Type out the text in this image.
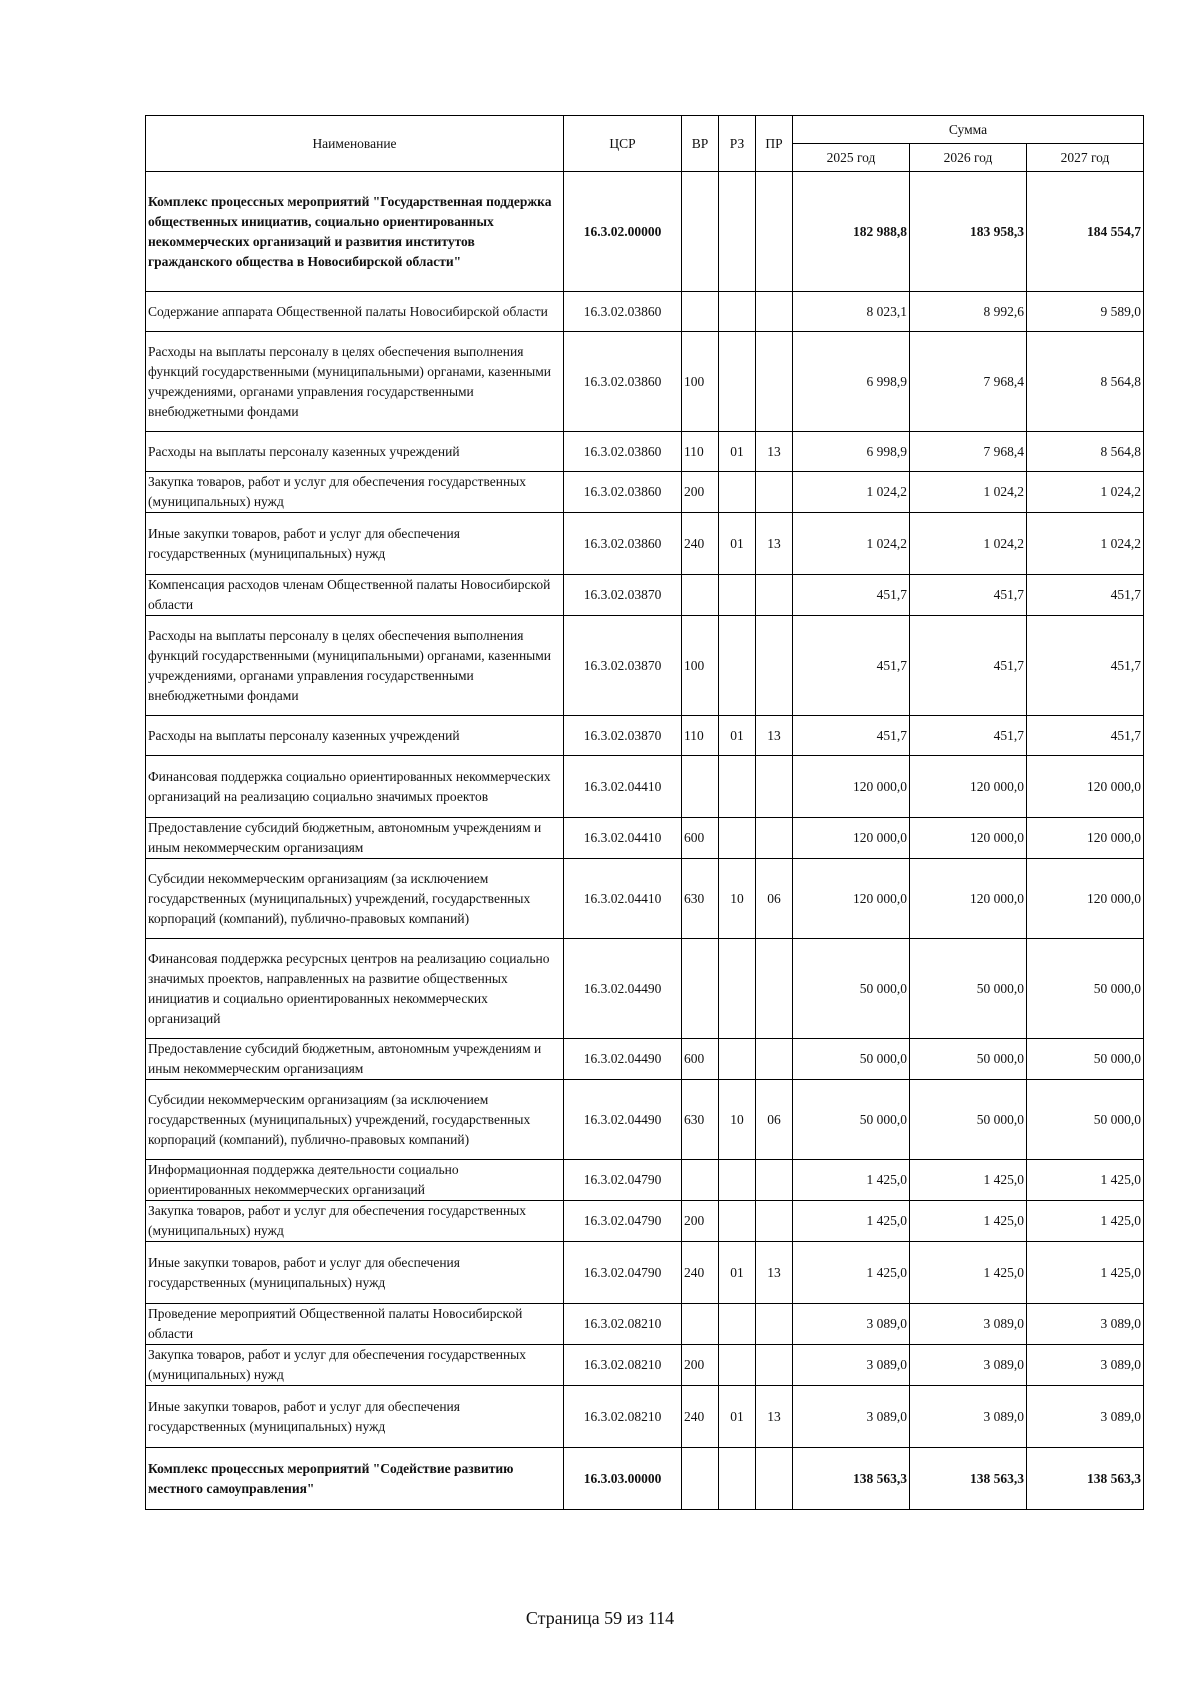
Наименование	ЦСР	ВР	РЗ	ПР	Сумма		
					2025 год	2026 год	2027 год
Комплекс процессных мероприятий "Государственная поддержка общественных инициатив, социально ориентированных некоммерческих организаций и развития институтов гражданского общества в Новосибирской области"	16.3.02.00000				182 988,8	183 958,3	184 554,7
Содержание аппарата Общественной палаты Новосибирской области	16.3.02.03860				8 023,1	8 992,6	9 589,0
Расходы на выплаты персоналу в целях обеспечения выполнения функций государственными (муниципальными) органами, казенными учреждениями, органами управления государственными внебюджетными фондами	16.3.02.03860	100			6 998,9	7 968,4	8 564,8
Расходы на выплаты персоналу казенных учреждений	16.3.02.03860	110	01	13	6 998,9	7 968,4	8 564,8
Закупка товаров, работ и услуг для обеспечения государственных (муниципальных) нужд	16.3.02.03860	200			1 024,2	1 024,2	1 024,2
Иные закупки товаров, работ и услуг для обеспечения государственных (муниципальных) нужд	16.3.02.03860	240	01	13	1 024,2	1 024,2	1 024,2
Компенсация расходов членам Общественной палаты Новосибирской области	16.3.02.03870				451,7	451,7	451,7
Расходы на выплаты персоналу в целях обеспечения выполнения функций государственными (муниципальными) органами, казенными учреждениями, органами управления государственными внебюджетными фондами	16.3.02.03870	100			451,7	451,7	451,7
Расходы на выплаты персоналу казенных учреждений	16.3.02.03870	110	01	13	451,7	451,7	451,7
Финансовая поддержка социально ориентированных некоммерческих организаций на реализацию социально значимых проектов	16.3.02.04410				120 000,0	120 000,0	120 000,0
Предоставление субсидий бюджетным, автономным учреждениям и иным некоммерческим организациям	16.3.02.04410	600			120 000,0	120 000,0	120 000,0
Субсидии некоммерческим организациям (за исключением государственных (муниципальных) учреждений, государственных корпораций (компаний), публично-правовых компаний)	16.3.02.04410	630	10	06	120 000,0	120 000,0	120 000,0
Финансовая поддержка ресурсных центров на реализацию социально значимых проектов, направленных на развитие общественных инициатив и социально ориентированных некоммерческих организаций	16.3.02.04490				50 000,0	50 000,0	50 000,0
Предоставление субсидий бюджетным, автономным учреждениям и иным некоммерческим организациям	16.3.02.04490	600			50 000,0	50 000,0	50 000,0
Субсидии некоммерческим организациям (за исключением государственных (муниципальных) учреждений, государственных корпораций (компаний), публично-правовых компаний)	16.3.02.04490	630	10	06	50 000,0	50 000,0	50 000,0
Информационная поддержка деятельности социально ориентированных некоммерческих организаций	16.3.02.04790				1 425,0	1 425,0	1 425,0
Закупка товаров, работ и услуг для обеспечения государственных (муниципальных) нужд	16.3.02.04790	200			1 425,0	1 425,0	1 425,0
Иные закупки товаров, работ и услуг для обеспечения государственных (муниципальных) нужд	16.3.02.04790	240	01	13	1 425,0	1 425,0	1 425,0
Проведение мероприятий Общественной палаты Новосибирской области	16.3.02.08210				3 089,0	3 089,0	3 089,0
Закупка товаров, работ и услуг для обеспечения государственных (муниципальных) нужд	16.3.02.08210	200			3 089,0	3 089,0	3 089,0
Иные закупки товаров, работ и услуг для обеспечения государственных (муниципальных) нужд	16.3.02.08210	240	01	13	3 089,0	3 089,0	3 089,0
Комплекс процессных мероприятий "Содействие развитию местного самоуправления"	16.3.03.00000				138 563,3	138 563,3	138 563,3
Страница 59 из 114
